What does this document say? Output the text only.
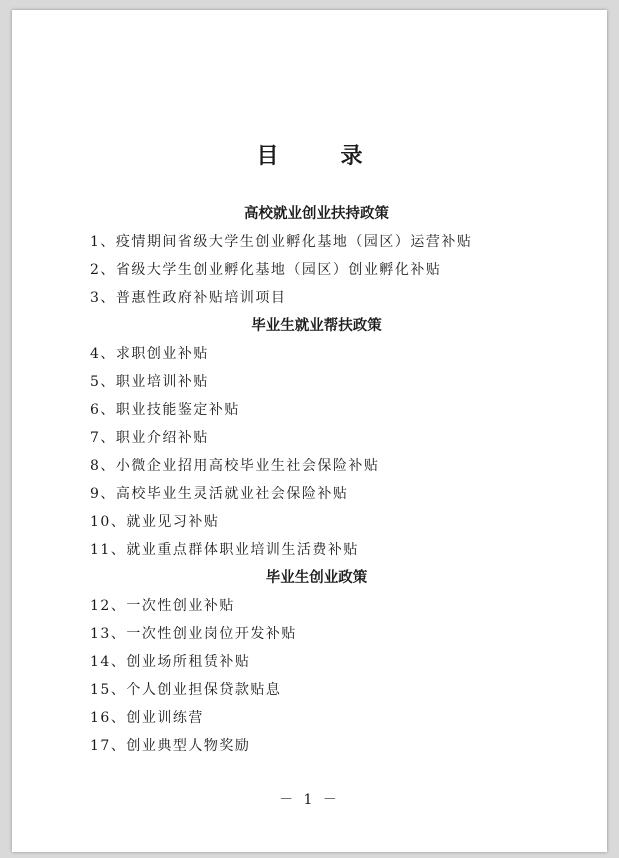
目　录
高校就业创业扶持政策
1、疫情期间省级大学生创业孵化基地（园区）运营补贴
2、省级大学生创业孵化基地（园区）创业孵化补贴
3、普惠性政府补贴培训项目
毕业生就业帮扶政策
4、求职创业补贴
5、职业培训补贴
6、职业技能鉴定补贴
7、职业介绍补贴
8、小微企业招用高校毕业生社会保险补贴
9、高校毕业生灵活就业社会保险补贴
10、就业见习补贴
11、就业重点群体职业培训生活费补贴
毕业生创业政策
12、一次性创业补贴
13、一次性创业岗位开发补贴
14、创业场所租赁补贴
15、个人创业担保贷款贴息
16、创业训练营
17、创业典型人物奖励
－ 1 －
